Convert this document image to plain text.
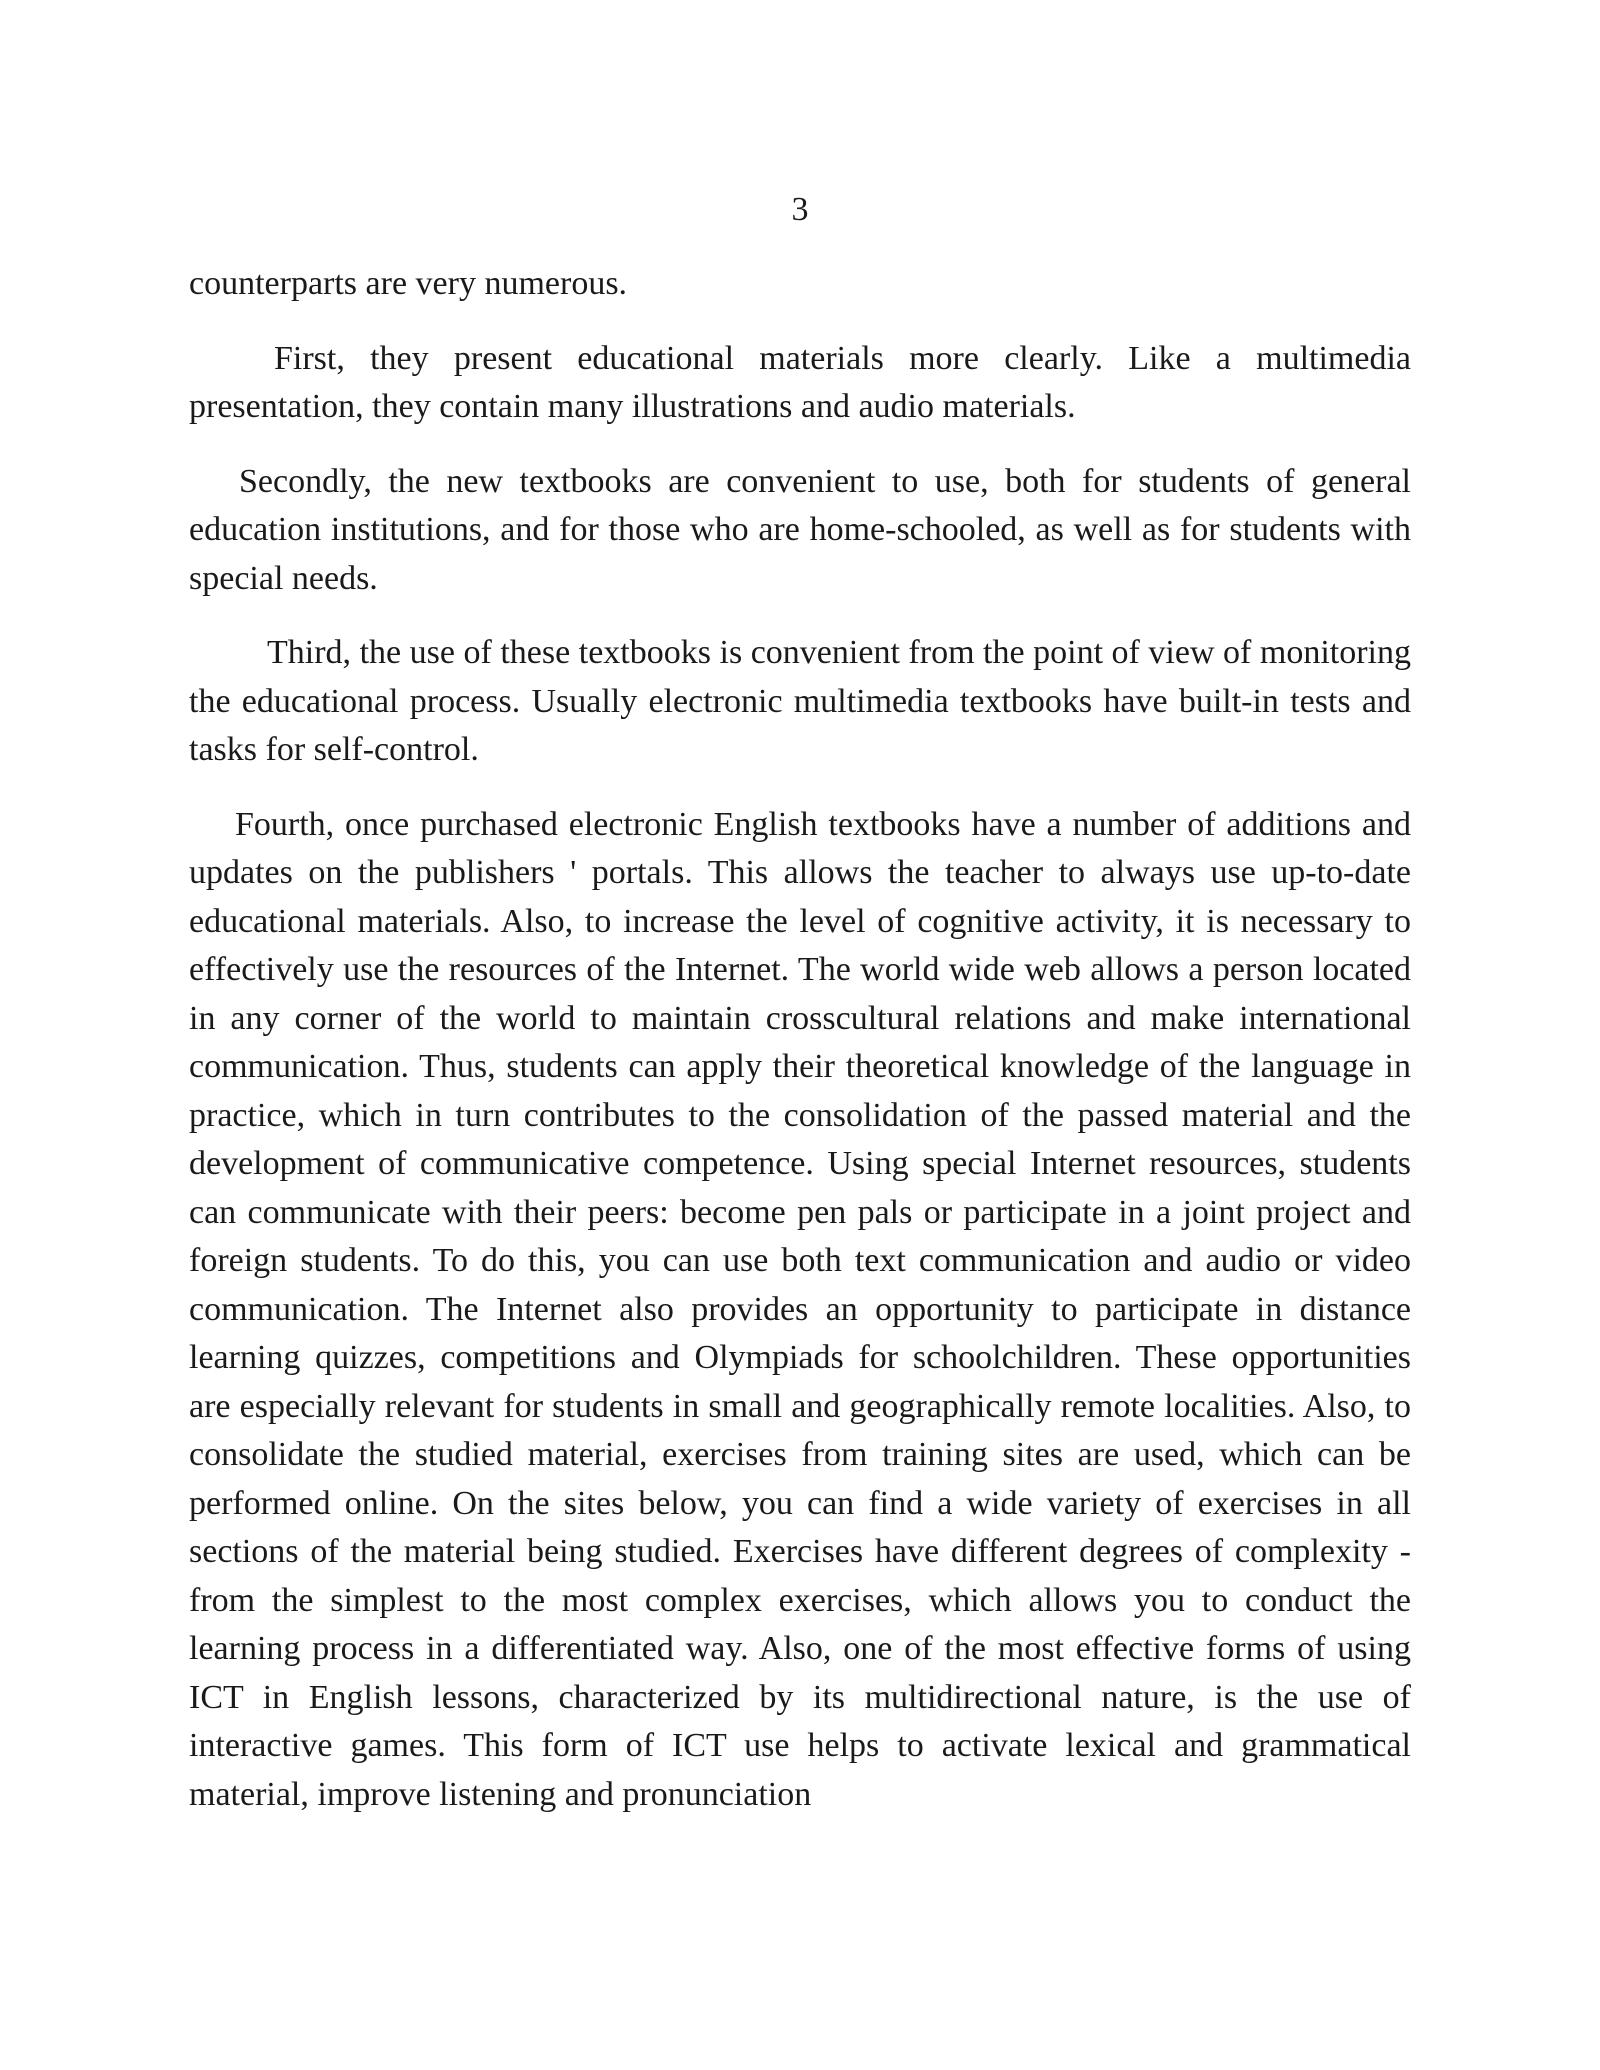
3

counterparts are very numerous.

First, they present educational materials more clearly. Like a multimedia presentation, they contain many illustrations and audio materials.

Secondly, the new textbooks are convenient to use, both for students of general education institutions, and for those who are home-schooled, as well as for students with special needs.

Third, the use of these textbooks is convenient from the point of view of monitoring the educational process. Usually electronic multimedia textbooks have built-in tests and tasks for self-control.

Fourth, once purchased electronic English textbooks have a number of additions and updates on the publishers ' portals. This allows the teacher to always use up-to-date educational materials. Also, to increase the level of cognitive activity, it is necessary to effectively use the resources of the Internet. The world wide web allows a person located in any corner of the world to maintain crosscultural relations and make international communication. Thus, students can apply their theoretical knowledge of the language in practice, which in turn contributes to the consolidation of the passed material and the development of communicative competence. Using special Internet resources, students can communicate with their peers: become pen pals or participate in a joint project and foreign students. To do this, you can use both text communication and audio or video communication. The Internet also provides an opportunity to participate in distance learning quizzes, competitions and Olympiads for schoolchildren. These opportunities are especially relevant for students in small and geographically remote localities. Also, to consolidate the studied material, exercises from training sites are used, which can be performed online. On the sites below, you can find a wide variety of exercises in all sections of the material being studied. Exercises have different degrees of complexity - from the simplest to the most complex exercises, which allows you to conduct the learning process in a differentiated way. Also, one of the most effective forms of using ICT in English lessons, characterized by its multidirectional nature, is the use of interactive games. This form of ICT use helps to activate lexical and grammatical material, improve listening and pronunciation
